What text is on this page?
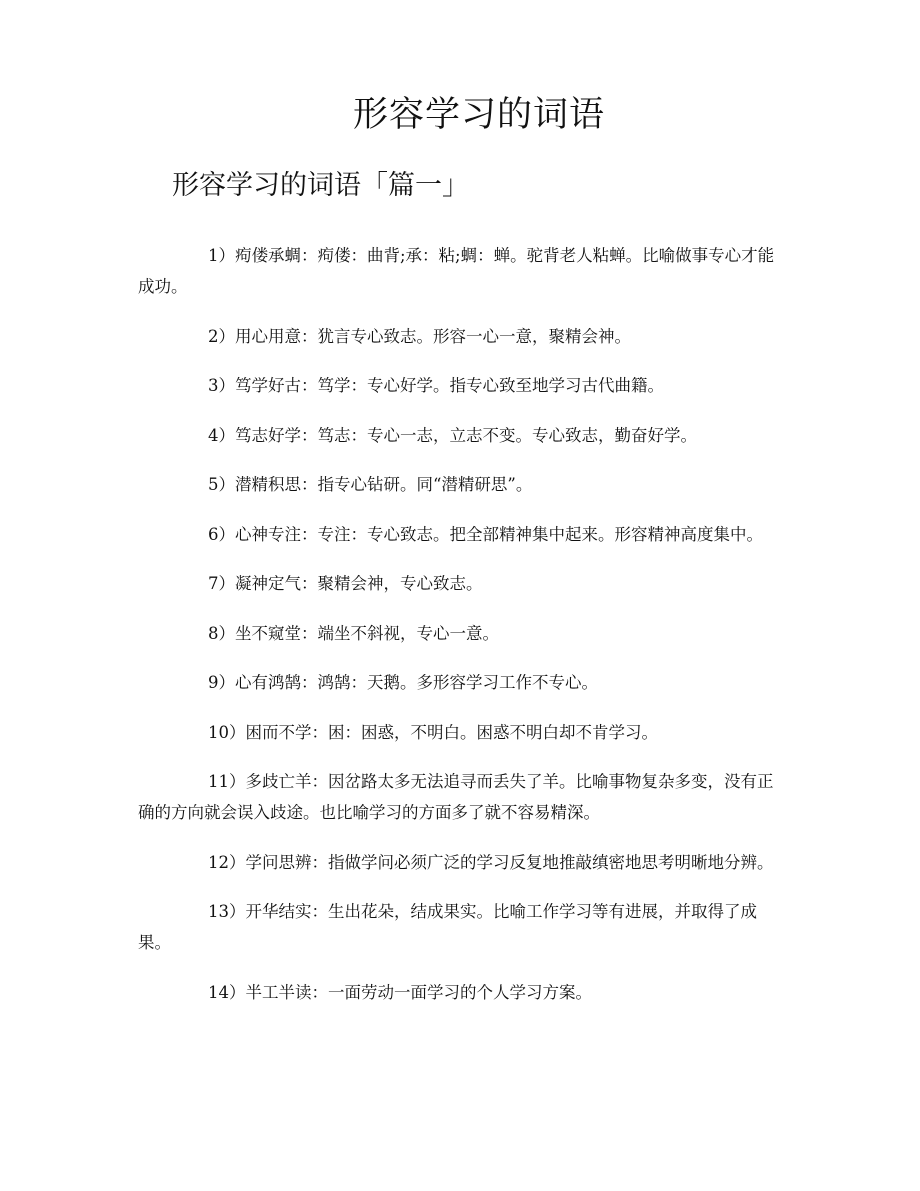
形容学习的词语
形容学习的词语「篇一」
1）痀偻承蜩：痀偻：曲背;承：粘;蜩：蝉。驼背老人粘蝉。比喻做事专心才能成功。
2）用心用意：犹言专心致志。形容一心一意，聚精会神。
3）笃学好古：笃学：专心好学。指专心致至地学习古代曲籍。
4）笃志好学：笃志：专心一志，立志不变。专心致志，勤奋好学。
5）潜精积思：指专心钻研。同“潜精研思”。
6）心神专注：专注：专心致志。把全部精神集中起来。形容精神高度集中。
7）凝神定气：聚精会神，专心致志。
8）坐不窥堂：端坐不斜视，专心一意。
9）心有鸿鹄：鸿鹄：天鹅。多形容学习工作不专心。
10）困而不学：困：困惑，不明白。困惑不明白却不肯学习。
11）多歧亡羊：因岔路太多无法追寻而丢失了羊。比喻事物复杂多变，没有正确的方向就会误入歧途。也比喻学习的方面多了就不容易精深。
12）学问思辨：指做学问必须广泛的学习反复地推敲缜密地思考明晰地分辨。
13）开华结实：生出花朵，结成果实。比喻工作学习等有进展，并取得了成果。
14）半工半读：一面劳动一面学习的个人学习方案。
